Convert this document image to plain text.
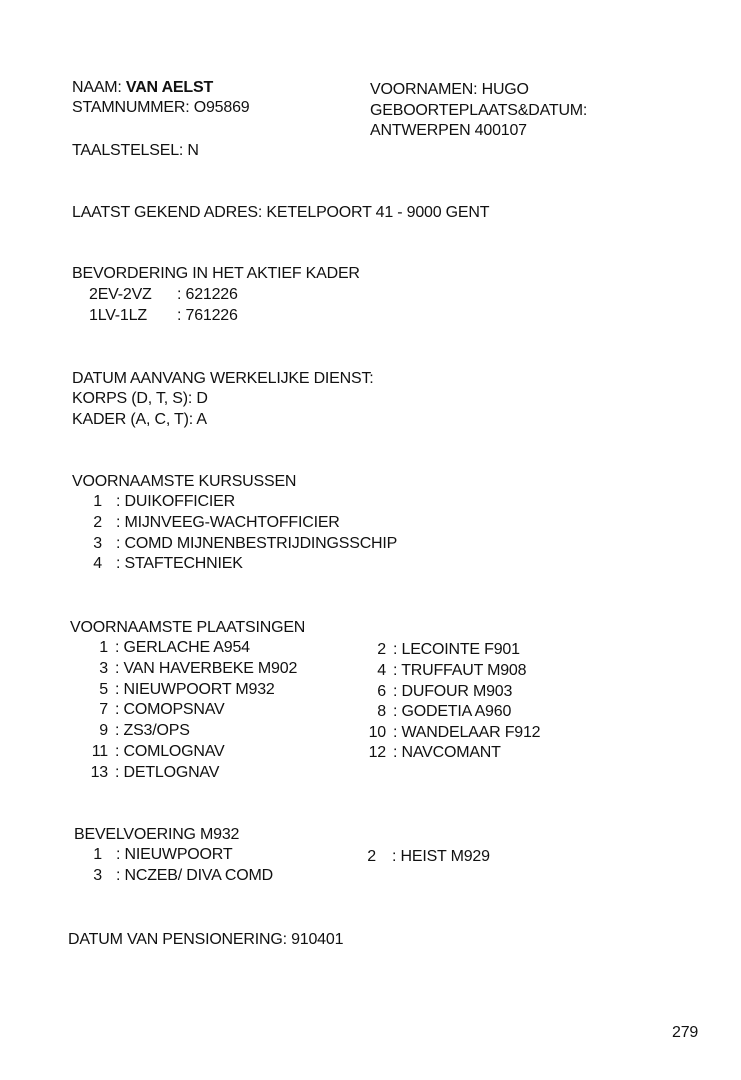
NAAM: VAN AELST
STAMNUMMER: O95869
VOORNAMEN: HUGO
GEBOORTEPLAATS&DATUM:
ANTWERPEN 400107
TAALSTELSEL: N
LAATST GEKEND ADRES: KETELPOORT 41 - 9000 GENT
BEVORDERING IN HET AKTIEF KADER
2EV-2VZ : 621226
1LV-1LZ : 761226
DATUM AANVANG WERKELIJKE DIENST:
KORPS (D, T, S): D
KADER (A, C, T): A
VOORNAAMSTE KURSUSSEN
1 : DUIKOFFICIER
2 : MIJNVEEG-WACHTOFFICIER
3 : COMD MIJNENBESTRIJDINGSSCHIP
4 : STAFTECHNIEK
VOORNAAMSTE PLAATSINGEN
1 : GERLACHE A954
3 : VAN HAVERBEKE M902
5 : NIEUWPOORT M932
7 : COMOPSNAV
9 : ZS3/OPS
11 : COMLOGNAV
13 : DETLOGNAV
2 : LECOINTE F901
4 : TRUFFAUT M908
6 : DUFOUR M903
8 : GODETIA A960
10 : WANDELAAR F912
12 : NAVCOMANT
BEVELVOERING M932
1 : NIEUWPOORT
3 : NCZEB/ DIVA COMD
2 : HEIST M929
DATUM VAN PENSIONERING: 910401
279
